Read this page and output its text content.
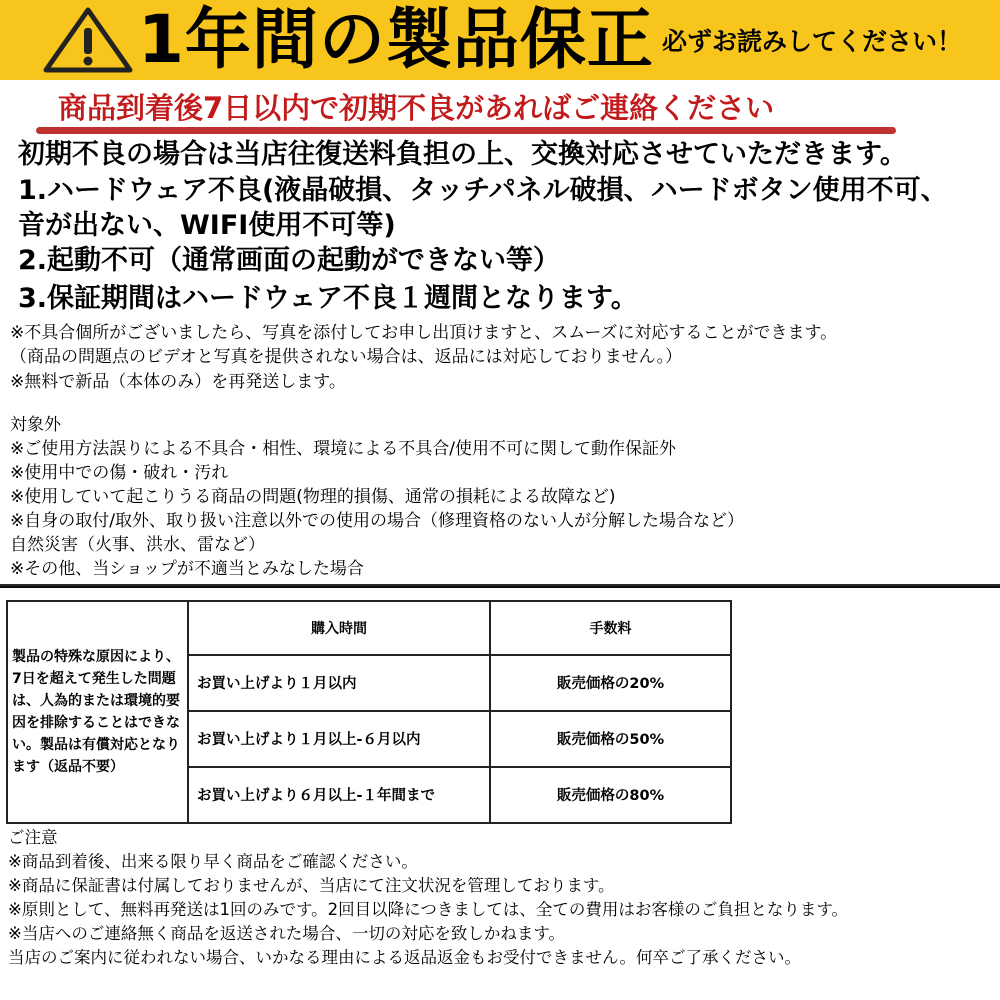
1年間の製品保正 必ずお読みしてください！
商品到着後7日以内で初期不良があればご連絡ください
初期不良の場合は当店往復送料負担の上、交換対応させていただきます。
1.ハードウェア不良(液晶破損、タッチパネル破損、ハードボタン使用不可、
音が出ない、WIFI使用不可等)
2.起動不可（通常画面の起動ができない等）
3.保証期間はハードウェア不良１週間となります。
※不具合個所がございましたら、写真を添付してお申し出頂けますと、スムーズに対応することができます。
（商品の問題点のビデオと写真を提供されない場合は、返品には対応しておりません。）
※無料で新品（本体のみ）を再発送します。
対象外
※ご使用方法誤りによる不具合・相性、環境による不具合/使用不可に関して動作保証外
※使用中での傷・破れ・汚れ
※使用していて起こりうる商品の問題(物理的損傷、通常の損耗による故障など)
※自身の取付/取外、取り扱い注意以外での使用の場合（修理資格のない人が分解した場合など）
自然災害（火事、洪水、雷など）
※その他、当ショップが不適当とみなした場合
製品の特殊な原因により、7日を超えて発生した問題は、人為的または環境的要因を排除することはできない。製品は有償対応となります（返品不要）	購入時間	手数料
	お買い上げより１月以内	販売価格の20%
	お買い上げより１月以上-６月以内	販売価格の50%
	お買い上げより６月以上-１年間まで	販売価格の80%
ご注意
※商品到着後、出来る限り早く商品をご確認ください。
※商品に保証書は付属しておりませんが、当店にて注文状況を管理しております。
※原則として、無料再発送は1回のみです。2回目以降につきましては、全ての費用はお客様のご負担となります。
※当店へのご連絡無く商品を返送された場合、一切の対応を致しかねます。
当店のご案内に従われない場合、いかなる理由による返品返金もお受付できません。何卒ご了承ください。
